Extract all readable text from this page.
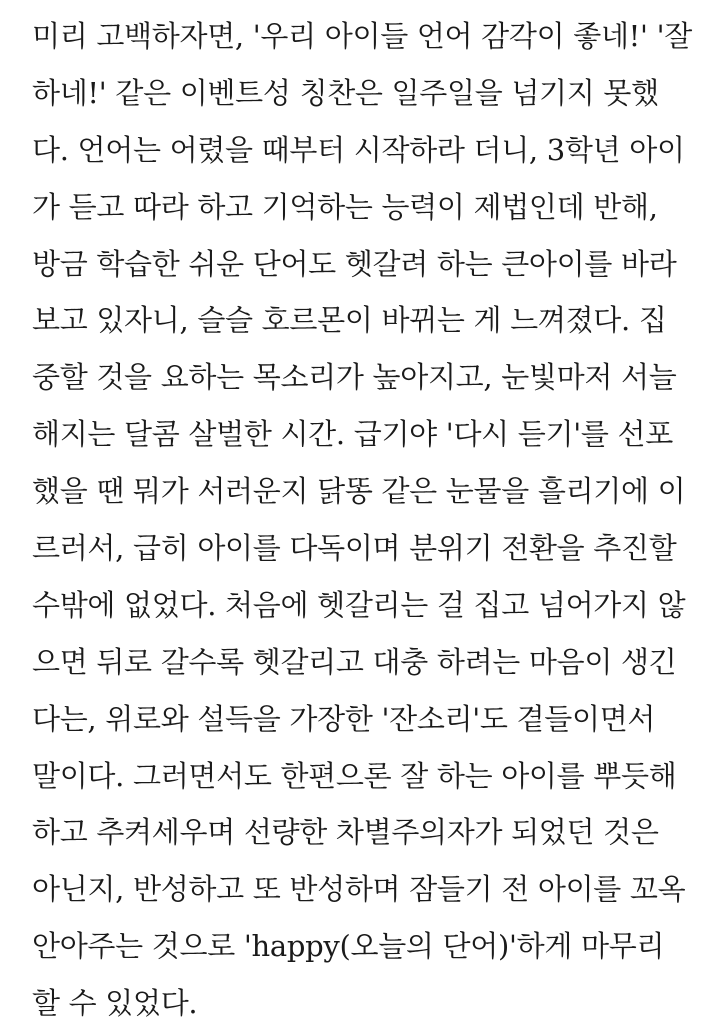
미리 고백하자면, '우리 아이들 언어 감각이 좋네!' '잘
하네!' 같은 이벤트성 칭찬은 일주일을 넘기지 못했
다. 언어는 어렸을 때부터 시작하라 더니, 3학년 아이
가 듣고 따라 하고 기억하는 능력이 제법인데 반해,
방금 학습한 쉬운 단어도 헷갈려 하는 큰아이를 바라
보고 있자니, 슬슬 호르몬이 바뀌는 게 느껴졌다. 집
중할 것을 요하는 목소리가 높아지고, 눈빛마저 서늘
해지는 달콤 살벌한 시간. 급기야 '다시 듣기'를 선포
했을 땐 뭐가 서러운지 닭똥 같은 눈물을 흘리기에 이
르러서, 급히 아이를 다독이며 분위기 전환을 추진할
수밖에 없었다. 처음에 헷갈리는 걸 집고 넘어가지 않
으면 뒤로 갈수록 헷갈리고 대충 하려는 마음이 생긴
다는, 위로와 설득을 가장한 '잔소리'도 곁들이면서
말이다. 그러면서도 한편으론 잘 하는 아이를 뿌듯해
하고 추켜세우며 선량한 차별주의자가 되었던 것은
아닌지, 반성하고 또 반성하며 잠들기 전 아이를 꼬옥
안아주는 것으로 'happy(오늘의 단어)'하게 마무리
할 수 있었다.
